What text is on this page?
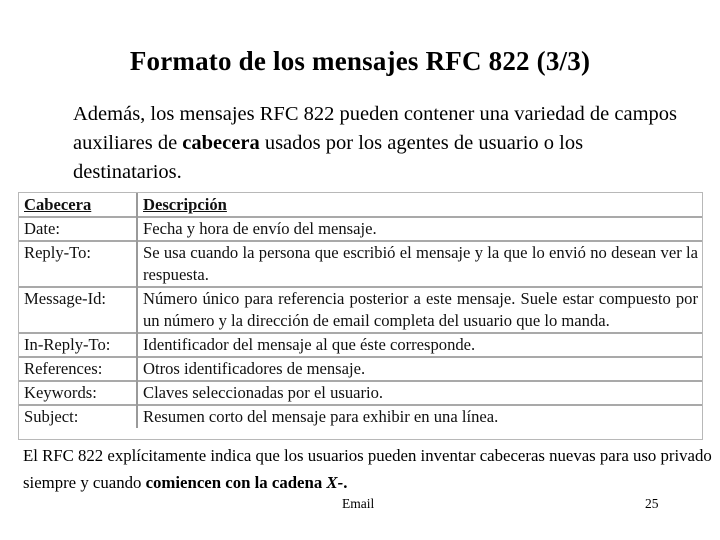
Formato de los mensajes RFC 822 (3/3)
Además, los mensajes RFC 822 pueden contener una variedad de campos auxiliares de cabecera usados por los agentes de usuario o los destinatarios.
Cabecera	Descripción
Date:	Fecha y hora de envío del mensaje.
Reply-To:	Se usa cuando la persona que escribió el mensaje y la que lo envió no desean ver la respuesta.
Message-Id:	Número único para referencia posterior a este mensaje. Suele estar compuesto por un número y la dirección de email completa del usuario que lo manda.
In-Reply-To:	Identificador del mensaje al que éste corresponde.
References:	Otros identificadores de mensaje.
Keywords:	Claves seleccionadas por el usuario.
Subject:	Resumen corto del mensaje para exhibir en una línea.
El RFC 822 explícitamente indica que los usuarios pueden inventar cabeceras nuevas para uso privado siempre y cuando comiencen con la cadena X-.
Email	25
